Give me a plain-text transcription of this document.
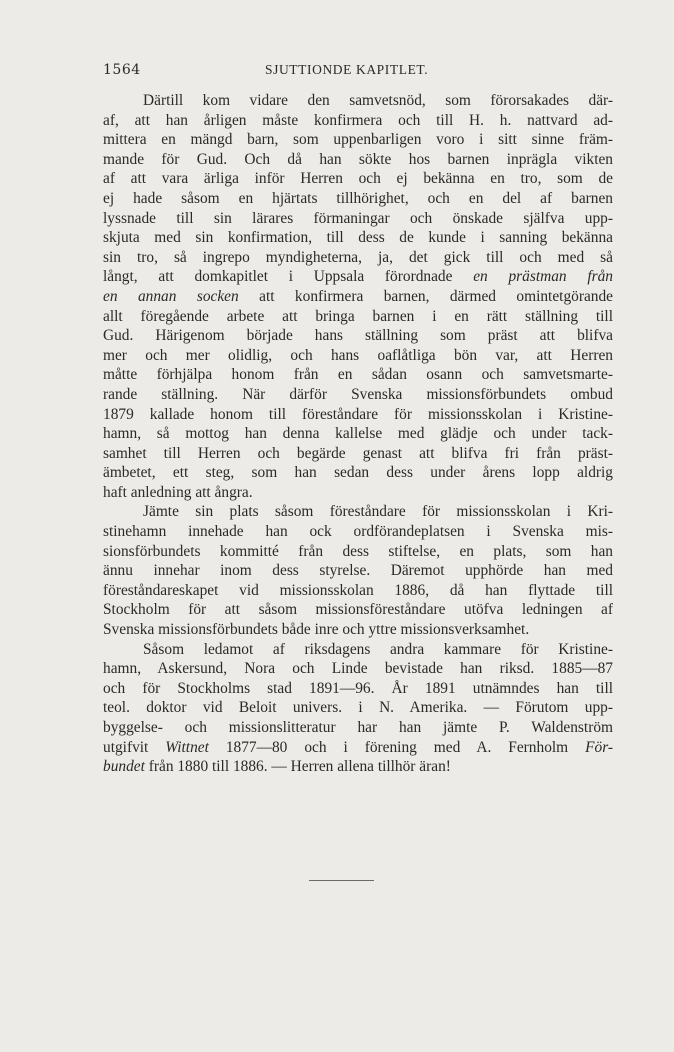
1564	SJUTTIONDE KAPITLET.
Därtill kom vidare den samvetsnöd, som förorsakades där-
af, att han årligen måste konfirmera och till H. h. nattvard ad-
mittera en mängd barn, som uppenbarligen voro i sitt sinne främ-
mande för Gud. Och då han sökte hos barnen inprägla vikten
af att vara ärliga inför Herren och ej bekänna en tro, som de
ej hade såsom en hjärtats tillhörighet, och en del af barnen
lyssnade till sin lärares förmaningar och önskade själfva upp-
skjuta med sin konfirmation, till dess de kunde i sanning bekänna
sin tro, så ingrepo myndigheterna, ja, det gick till och med så
långt, att domkapitlet i Uppsala förordnade en prästman från
en annan socken att konfirmera barnen, därmed omintetgörande
allt föregående arbete att bringa barnen i en rätt ställning till
Gud. Härigenom började hans ställning som präst att blifva
mer och mer olidlig, och hans oaflåtliga bön var, att Herren
måtte förhjälpa honom från en sådan osann och samvetsmarte-
rande ställning. När därför Svenska missionsförbundets ombud
1879 kallade honom till föreståndare för missionsskolan i Kristine-
hamn, så mottog han denna kallelse med glädje och under tack-
samhet till Herren och begärde genast att blifva fri från präst-
ämbetet, ett steg, som han sedan dess under årens lopp aldrig
haft anledning att ångra.
Jämte sin plats såsom föreståndare för missionsskolan i Kri-
stinehamn innehade han ock ordförandeplatsen i Svenska mis-
sionsförbundets kommitté från dess stiftelse, en plats, som han
ännu innehar inom dess styrelse. Däremot upphörde han med
föreståndareskapet vid missionsskolan 1886, då han flyttade till
Stockholm för att såsom missionsföreståndare utöfva ledningen af
Svenska missionsförbundets både inre och yttre missionsverksamhet.
Såsom ledamot af riksdagens andra kammare för Kristine-
hamn, Askersund, Nora och Linde bevistade han riksd. 1885—87
och för Stockholms stad 1891—96. År 1891 utnämndes han till
teol. doktor vid Beloit univers. i N. Amerika. — Förutom upp-
byggelse- och missionslitteratur har han jämte P. Waldenström
utgifvit Wittnet 1877—80 och i förening med A. Fernholm För-
bundet från 1880 till 1886. — Herren allena tillhör äran!
